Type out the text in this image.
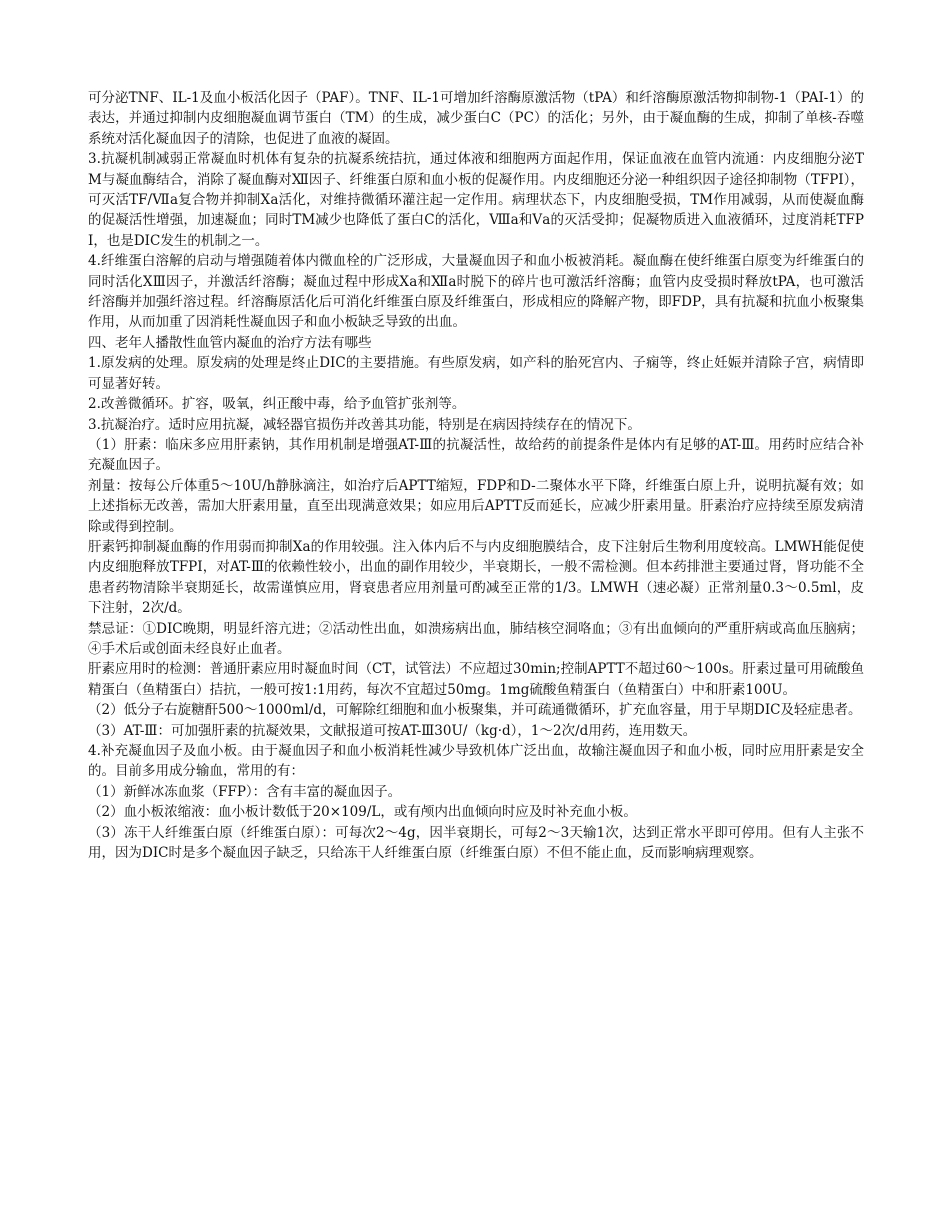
可分泌TNF、IL-1及血小板活化因子（PAF）。TNF、IL-1可增加纤溶酶原激活物（tPA）和纤溶酶原激活物抑制物-1（PAI-1）的表达，并通过抑制内皮细胞凝血调节蛋白（TM）的生成，减少蛋白C（PC）的活化；另外，由于凝血酶的生成，抑制了单核-吞噬系统对活化凝血因子的清除，也促进了血液的凝固。

3.抗凝机制减弱正常凝血时机体有复杂的抗凝系统拮抗，通过体液和细胞两方面起作用，保证血液在血管内流通：内皮细胞分泌TM与凝血酶结合，消除了凝血酶对Ⅻ因子、纤维蛋白原和血小板的促凝作用。内皮细胞还分泌一种组织因子途径抑制物（TFPI），可灭活TF/Ⅶa复合物并抑制Ⅹa活化，对维持微循环灌注起一定作用。病理状态下，内皮细胞受损，TM作用减弱，从而使凝血酶的促凝活性增强，加速凝血；同时TM减少也降低了蛋白C的活化，Ⅷa和Ⅴa的灭活受抑；促凝物质进入血液循环，过度消耗TFPI，也是DIC发生的机制之一。

4.纤维蛋白溶解的启动与增强随着体内微血栓的广泛形成，大量凝血因子和血小板被消耗。凝血酶在使纤维蛋白原变为纤维蛋白的同时活化ⅩⅢ因子，并激活纤溶酶；凝血过程中形成Ⅹa和Ⅻa时脱下的碎片也可激活纤溶酶；血管内皮受损时释放tPA，也可激活纤溶酶并加强纤溶过程。纤溶酶原活化后可消化纤维蛋白原及纤维蛋白，形成相应的降解产物，即FDP，具有抗凝和抗血小板聚集作用，从而加重了因消耗性凝血因子和血小板缺乏导致的出血。

四、老年人播散性血管内凝血的治疗方法有哪些

1.原发病的处理。原发病的处理是终止DIC的主要措施。有些原发病，如产科的胎死宫内、子痫等，终止妊娠并清除子宫，病情即可显著好转。

2.改善微循环。扩容，吸氧，纠正酸中毒，给予血管扩张剂等。

3.抗凝治疗。适时应用抗凝，减轻器官损伤并改善其功能，特别是在病因持续存在的情况下。

（1）肝素：临床多应用肝素钠，其作用机制是增强AT-Ⅲ的抗凝活性，故给药的前提条件是体内有足够的AT-Ⅲ。用药时应结合补充凝血因子。

剂量：按每公斤体重5～10U/h静脉滴注，如治疗后APTT缩短，FDP和D-二聚体水平下降，纤维蛋白原上升，说明抗凝有效；如上述指标无改善，需加大肝素用量，直至出现满意效果；如应用后APTT反而延长，应减少肝素用量。肝素治疗应持续至原发病清除或得到控制。

肝素钙抑制凝血酶的作用弱而抑制Ⅹa的作用较强。注入体内后不与内皮细胞膜结合，皮下注射后生物利用度较高。LMWH能促使内皮细胞释放TFPI，对AT-Ⅲ的依赖性较小，出血的副作用较少，半衰期长，一般不需检测。但本药排泄主要通过肾，肾功能不全患者药物清除半衰期延长，故需谨慎应用，肾衰患者应用剂量可酌减至正常的1/3。LMWH（速必凝）正常剂量0.3～0.5ml，皮下注射，2次/d。

禁忌证：①DIC晚期，明显纤溶亢进；②活动性出血，如溃疡病出血，肺结核空洞咯血；③有出血倾向的严重肝病或高血压脑病；④手术后或创面未经良好止血者。

肝素应用时的检测：普通肝素应用时凝血时间（CT，试管法）不应超过30min;控制APTT不超过60～100s。肝素过量可用硫酸鱼精蛋白（鱼精蛋白）拮抗，一般可按1:1用药，每次不宜超过50mg。1mg硫酸鱼精蛋白（鱼精蛋白）中和肝素100U。

（2）低分子右旋糖酐500～1000ml/d，可解除红细胞和血小板聚集，并可疏通微循环，扩充血容量，用于早期DIC及轻症患者。

（3）AT-Ⅲ：可加强肝素的抗凝效果，文献报道可按AT-Ⅲ30U/（kg·d），1～2次/d用药，连用数天。

4.补充凝血因子及血小板。由于凝血因子和血小板消耗性减少导致机体广泛出血，故输注凝血因子和血小板，同时应用肝素是安全的。目前多用成分输血，常用的有：

（1）新鲜冰冻血浆（FFP）：含有丰富的凝血因子。

（2）血小板浓缩液：血小板计数低于20×109/L，或有颅内出血倾向时应及时补充血小板。

（3）冻干人纤维蛋白原（纤维蛋白原）：可每次2～4g，因半衰期长，可每2～3天输1次，达到正常水平即可停用。但有人主张不用，因为DIC时是多个凝血因子缺乏，只给冻干人纤维蛋白原（纤维蛋白原）不但不能止血，反而影响病理观察。
